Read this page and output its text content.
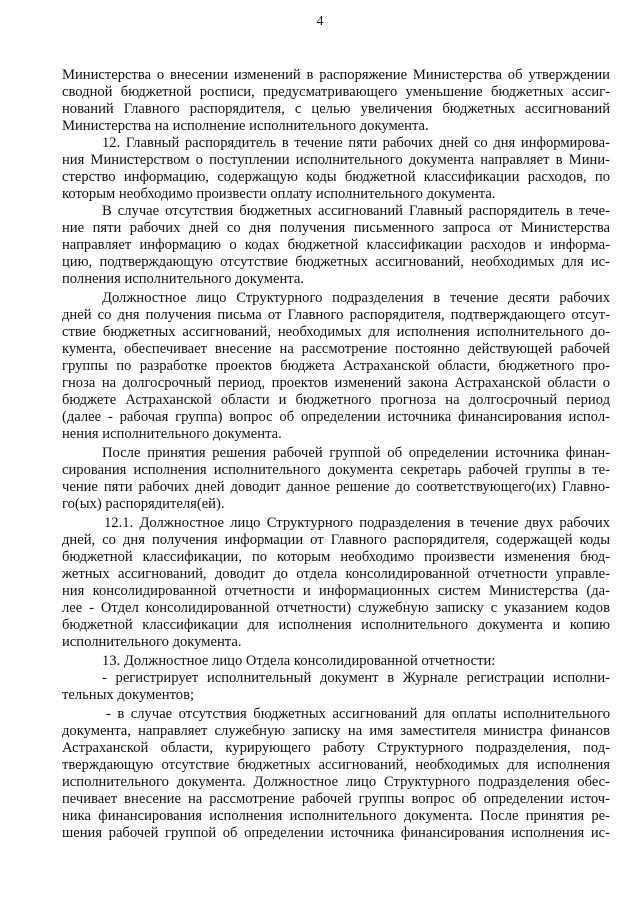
4
Министерства о внесении изменений в распоряжение Министерства об утверждении
сводной бюджетной росписи, предусматривающего уменьшение бюджетных ассиг-
нований Главного распорядителя, с целью увеличения бюджетных ассигнований
Министерства на исполнение исполнительного документа.
12. Главный распорядитель в течение пяти рабочих дней со дня информирова-
ния Министерством о поступлении исполнительного документа направляет в Мини-
стерство информацию, содержащую коды бюджетной классификации расходов, по
которым необходимо произвести оплату исполнительного документа.
В случае отсутствия бюджетных ассигнований Главный распорядитель в тече-
ние пяти рабочих дней со дня получения письменного запроса от Министерства
направляет информацию о кодах бюджетной классификации расходов и информа-
цию, подтверждающую отсутствие бюджетных ассигнований, необходимых для ис-
полнения исполнительного документа.
Должностное лицо Структурного подразделения в течение десяти рабочих
дней со дня получения письма от Главного распорядителя, подтверждающего отсут-
ствие бюджетных ассигнований, необходимых для исполнения исполнительного до-
кумента, обеспечивает внесение на рассмотрение постоянно действующей рабочей
группы по разработке проектов бюджета Астраханской области, бюджетного про-
гноза на долгосрочный период, проектов изменений закона Астраханской области о
бюджете Астраханской области и бюджетного прогноза на долгосрочный период
(далее - рабочая группа) вопрос об определении источника финансирования испол-
нения исполнительного документа.
После принятия решения рабочей группой об определении источника финан-
сирования исполнения исполнительного документа секретарь рабочей группы в те-
чение пяти рабочих дней доводит данное решение до соответствующего(их) Главно-
го(ых) распорядителя(ей).
12.1. Должностное лицо Структурного подразделения в течение двух рабочих
дней, со дня получения информации от Главного распорядителя, содержащей коды
бюджетной классификации, по которым необходимо произвести изменения бюд-
жетных ассигнований, доводит до отдела консолидированной отчетности управле-
ния консолидированной отчетности и информационных систем Министерства (да-
лее - Отдел консолидированной отчетности) служебную записку с указанием кодов
бюджетной классификации для исполнения исполнительного документа и копию
исполнительного документа.
13. Должностное лицо Отдела консолидированной отчетности:
- регистрирует исполнительный документ в Журнале регистрации исполни-
тельных документов;
- в случае отсутствия бюджетных ассигнований для оплаты исполнительного
документа, направляет служебную записку на имя заместителя министра финансов
Астраханской области, курирующего работу Структурного подразделения, под-
тверждающую отсутствие бюджетных ассигнований, необходимых для исполнения
исполнительного документа. Должностное лицо Структурного подразделения обес-
печивает внесение на рассмотрение рабочей группы вопрос об определении источ-
ника финансирования исполнения исполнительного документа. После принятия ре-
шения рабочей группой об определении источника финансирования исполнения ис-
